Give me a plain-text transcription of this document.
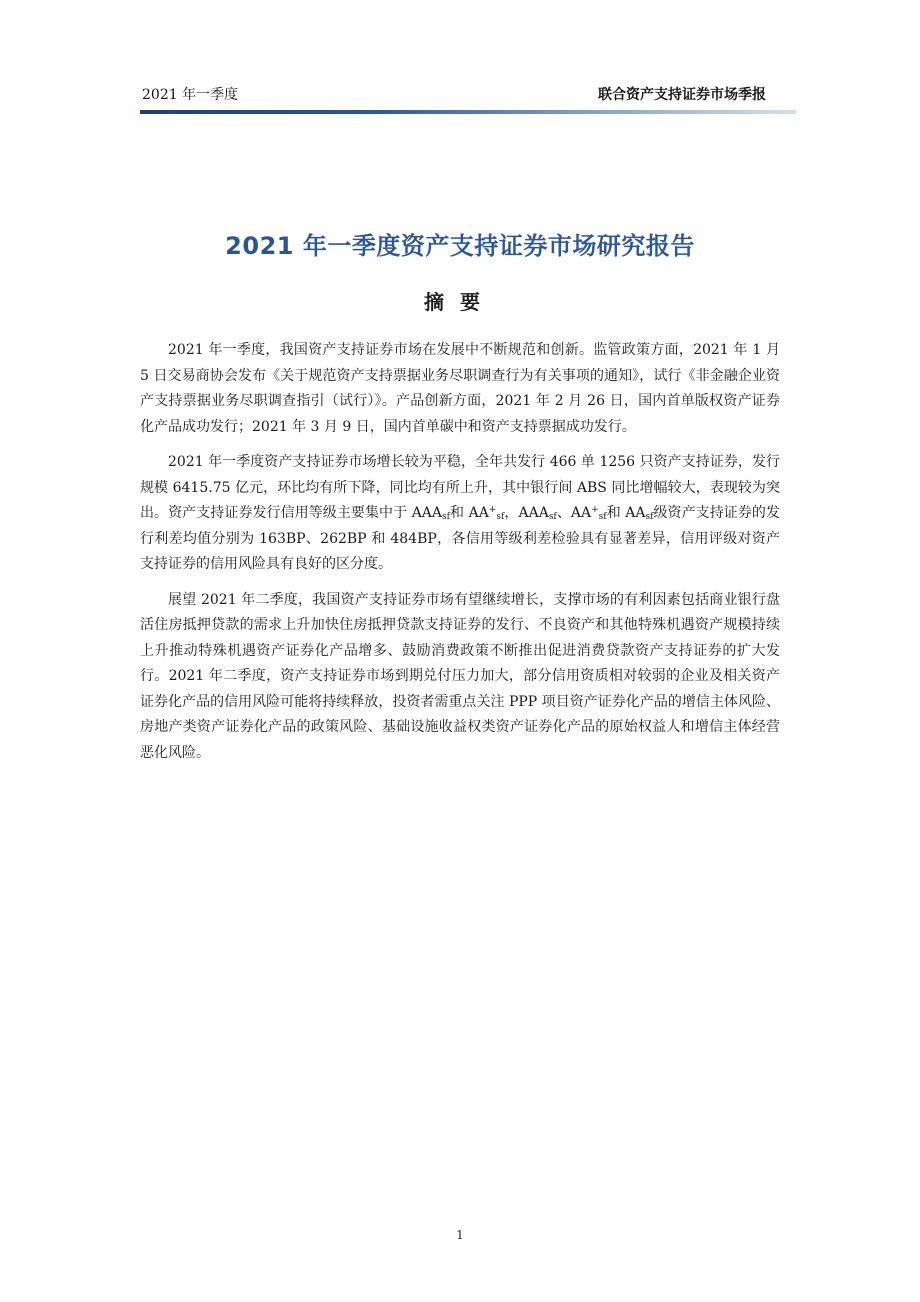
2021 年一季度	联合资产支持证券市场季报
2021 年一季度资产支持证券市场研究报告
摘要

2021 年一季度，我国资产支持证券市场在发展中不断规范和创新。监管政策方面，2021 年 1 月 5 日交易商协会发布《关于规范资产支持票据业务尽职调查行为有关事项的通知》，试行《非金融企业资产支持票据业务尽职调查指引（试行）》。产品创新方面，2021 年 2 月 26 日，国内首单版权资产证券化产品成功发行；2021 年 3 月 9 日，国内首单碳中和资产支持票据成功发行。

2021 年一季度资产支持证券市场增长较为平稳，全年共发行 466 单 1256 只资产支持证券，发行规模 6415.75 亿元，环比均有所下降，同比均有所上升，其中银行间 ABS 同比增幅较大，表现较为突出。资产支持证券发行信用等级主要集中于 $AAA_{sf}$和 $AA^+_{sf}$，$AAA_{sf}$、$AA^+_{sf}$和 $AA_{sf}$级资产支持证券的发行利差均值分别为 163BP、262BP 和 484BP，各信用等级利差检验具有显著差异，信用评级对资产支持证券的信用风险具有良好的区分度。

展望 2021 年二季度，我国资产支持证券市场有望继续增长，支撑市场的有利因素包括商业银行盘活住房抵押贷款的需求上升加快住房抵押贷款支持证券的发行、不良资产和其他特殊机遇资产规模持续上升推动特殊机遇资产证券化产品增多、鼓励消费政策不断推出促进消费贷款资产支持证券的扩大发行。2021 年二季度，资产支持证券市场到期兑付压力加大，部分信用资质相对较弱的企业及相关资产证券化产品的信用风险可能将持续释放，投资者需重点关注 PPP 项目资产证券化产品的增信主体风险、房地产类资产证券化产品的政策风险、基础设施收益权类资产证券化产品的原始权益人和增信主体经营恶化风险。

1
